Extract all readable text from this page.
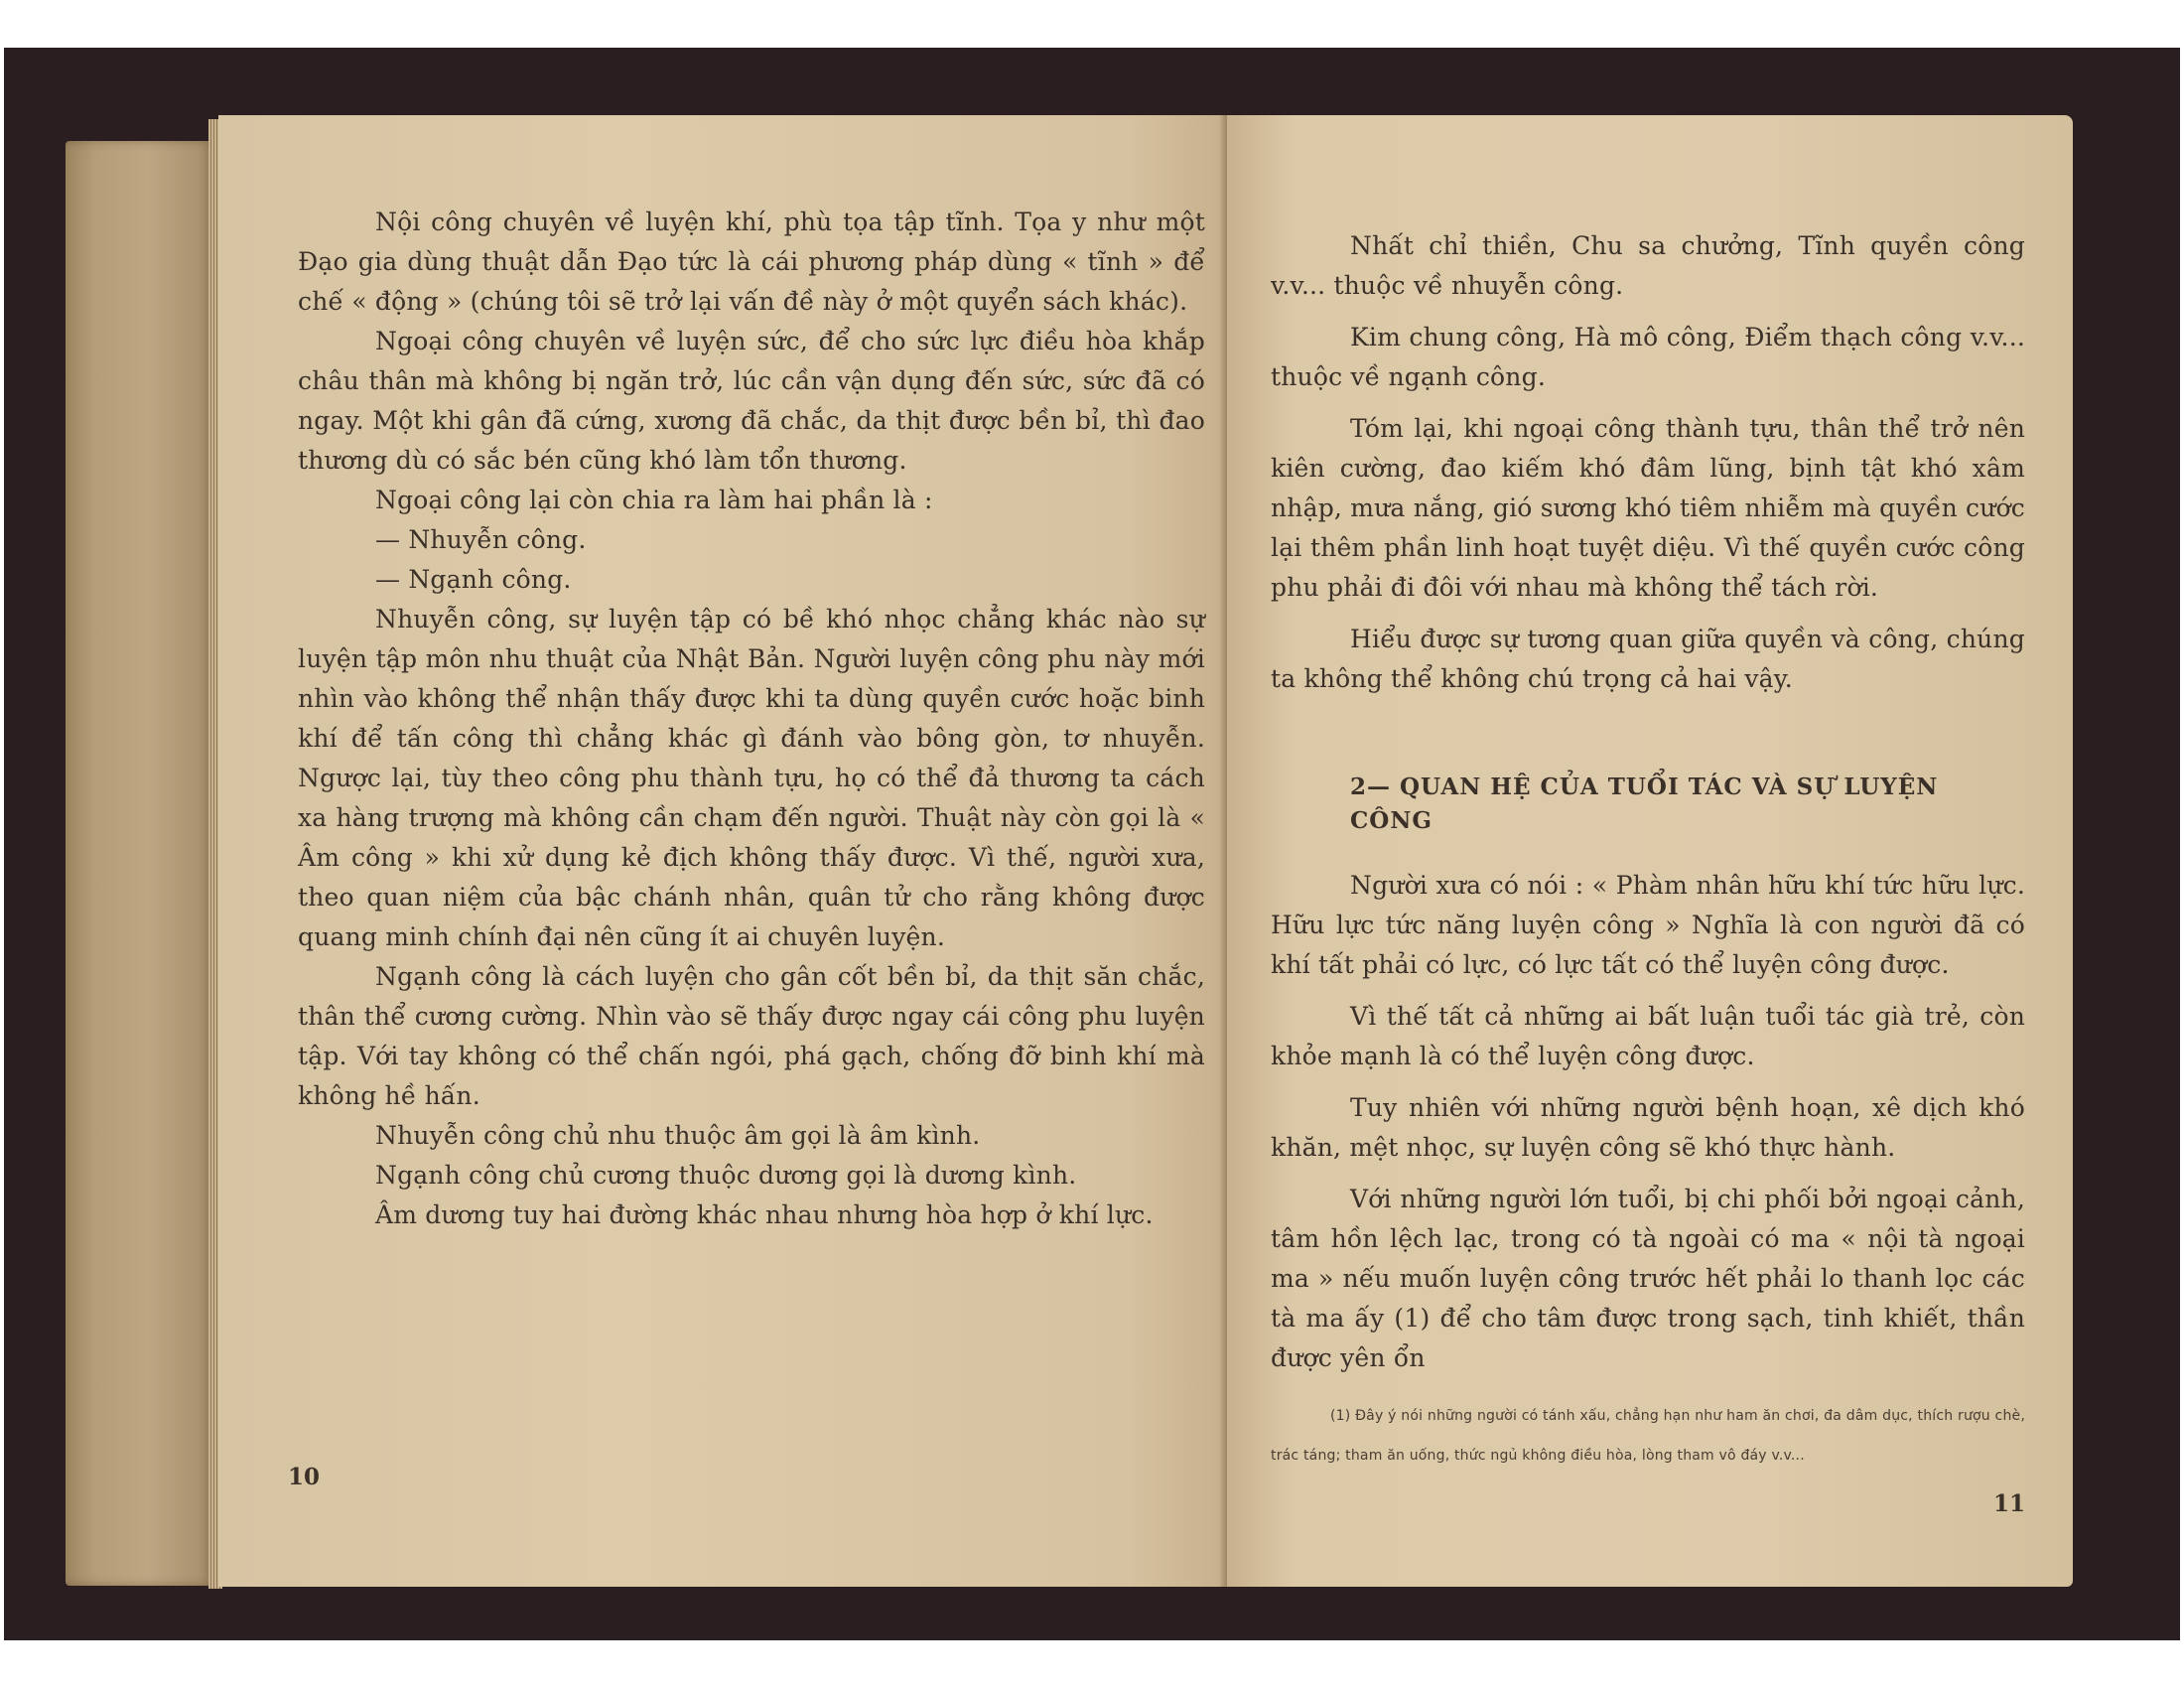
Nội công chuyên về luyện khí, phù tọa tập tĩnh. Tọa y như một Đạo gia dùng thuật dẫn Đạo tức là cái phương pháp dùng « tĩnh » để chế « động » (chúng tôi sẽ trở lại vấn đề này ở một quyển sách khác).

Ngoại công chuyên về luyện sức, để cho sức lực điều hòa khắp châu thân mà không bị ngăn trở, lúc cần vận dụng đến sức, sức đã có ngay. Một khi gân đã cứng, xương đã chắc, da thịt được bền bỉ, thì đao thương dù có sắc bén cũng khó làm tổn thương.

Ngoại công lại còn chia ra làm hai phần là :

— Nhuyễn công.

— Ngạnh công.

Nhuyễn công, sự luyện tập có bề khó nhọc chẳng khác nào sự luyện tập môn nhu thuật của Nhật Bản. Người luyện công phu này mới nhìn vào không thể nhận thấy được khi ta dùng quyền cước hoặc binh khí để tấn công thì chẳng khác gì đánh vào bông gòn, tơ nhuyễn. Ngược lại, tùy theo công phu thành tựu, họ có thể đả thương ta cách xa hàng trượng mà không cần chạm đến người. Thuật này còn gọi là « Âm công » khi xử dụng kẻ địch không thấy được. Vì thế, người xưa, theo quan niệm của bậc chánh nhân, quân tử cho rằng không được quang minh chính đại nên cũng ít ai chuyên luyện.

Ngạnh công là cách luyện cho gân cốt bền bỉ, da thịt săn chắc, thân thể cương cường. Nhìn vào sẽ thấy được ngay cái công phu luyện tập. Với tay không có thể chấn ngói, phá gạch, chống đỡ binh khí mà không hề hấn.

Nhuyễn công chủ nhu thuộc âm gọi là âm kình.

Ngạnh công chủ cương thuộc dương gọi là dương kình.

Âm dương tuy hai đường khác nhau nhưng hòa hợp ở khí lực.

10

Nhất chỉ thiền, Chu sa chưởng, Tĩnh quyền công v.v... thuộc về nhuyễn công.

Kim chung công, Hà mô công, Điểm thạch công v.v... thuộc về ngạnh công.

Tóm lại, khi ngoại công thành tựu, thân thể trở nên kiên cường, đao kiếm khó đâm lũng, bịnh tật khó xâm nhập, mưa nắng, gió sương khó tiêm nhiễm mà quyền cước lại thêm phần linh hoạt tuyệt diệu. Vì thế quyền cước công phu phải đi đôi với nhau mà không thể tách rời.

Hiểu được sự tương quan giữa quyền và công, chúng ta không thể không chú trọng cả hai vậy.

2— QUAN HỆ CỦA TUỔI TÁC VÀ SỰ LUYỆN CÔNG

Người xưa có nói : « Phàm nhân hữu khí tức hữu lực. Hữu lực tức năng luyện công » Nghĩa là con người đã có khí tất phải có lực, có lực tất có thể luyện công được.

Vì thế tất cả những ai bất luận tuổi tác già trẻ, còn khỏe mạnh là có thể luyện công được.

Tuy nhiên với những người bệnh hoạn, xê dịch khó khăn, mệt nhọc, sự luyện công sẽ khó thực hành.

Với những người lớn tuổi, bị chi phối bởi ngoại cảnh, tâm hồn lệch lạc, trong có tà ngoài có ma « nội tà ngoại ma » nếu muốn luyện công trước hết phải lo thanh lọc các tà ma ấy (1) để cho tâm được trong sạch, tinh khiết, thần được yên ổn

(1) Đây ý nói những người có tánh xấu, chẳng hạn như ham ăn chơi, đa dâm dục, thích rượu chè, trác táng; tham ăn uống, thức ngủ không điều hòa, lòng tham vô đáy v.v...

11
